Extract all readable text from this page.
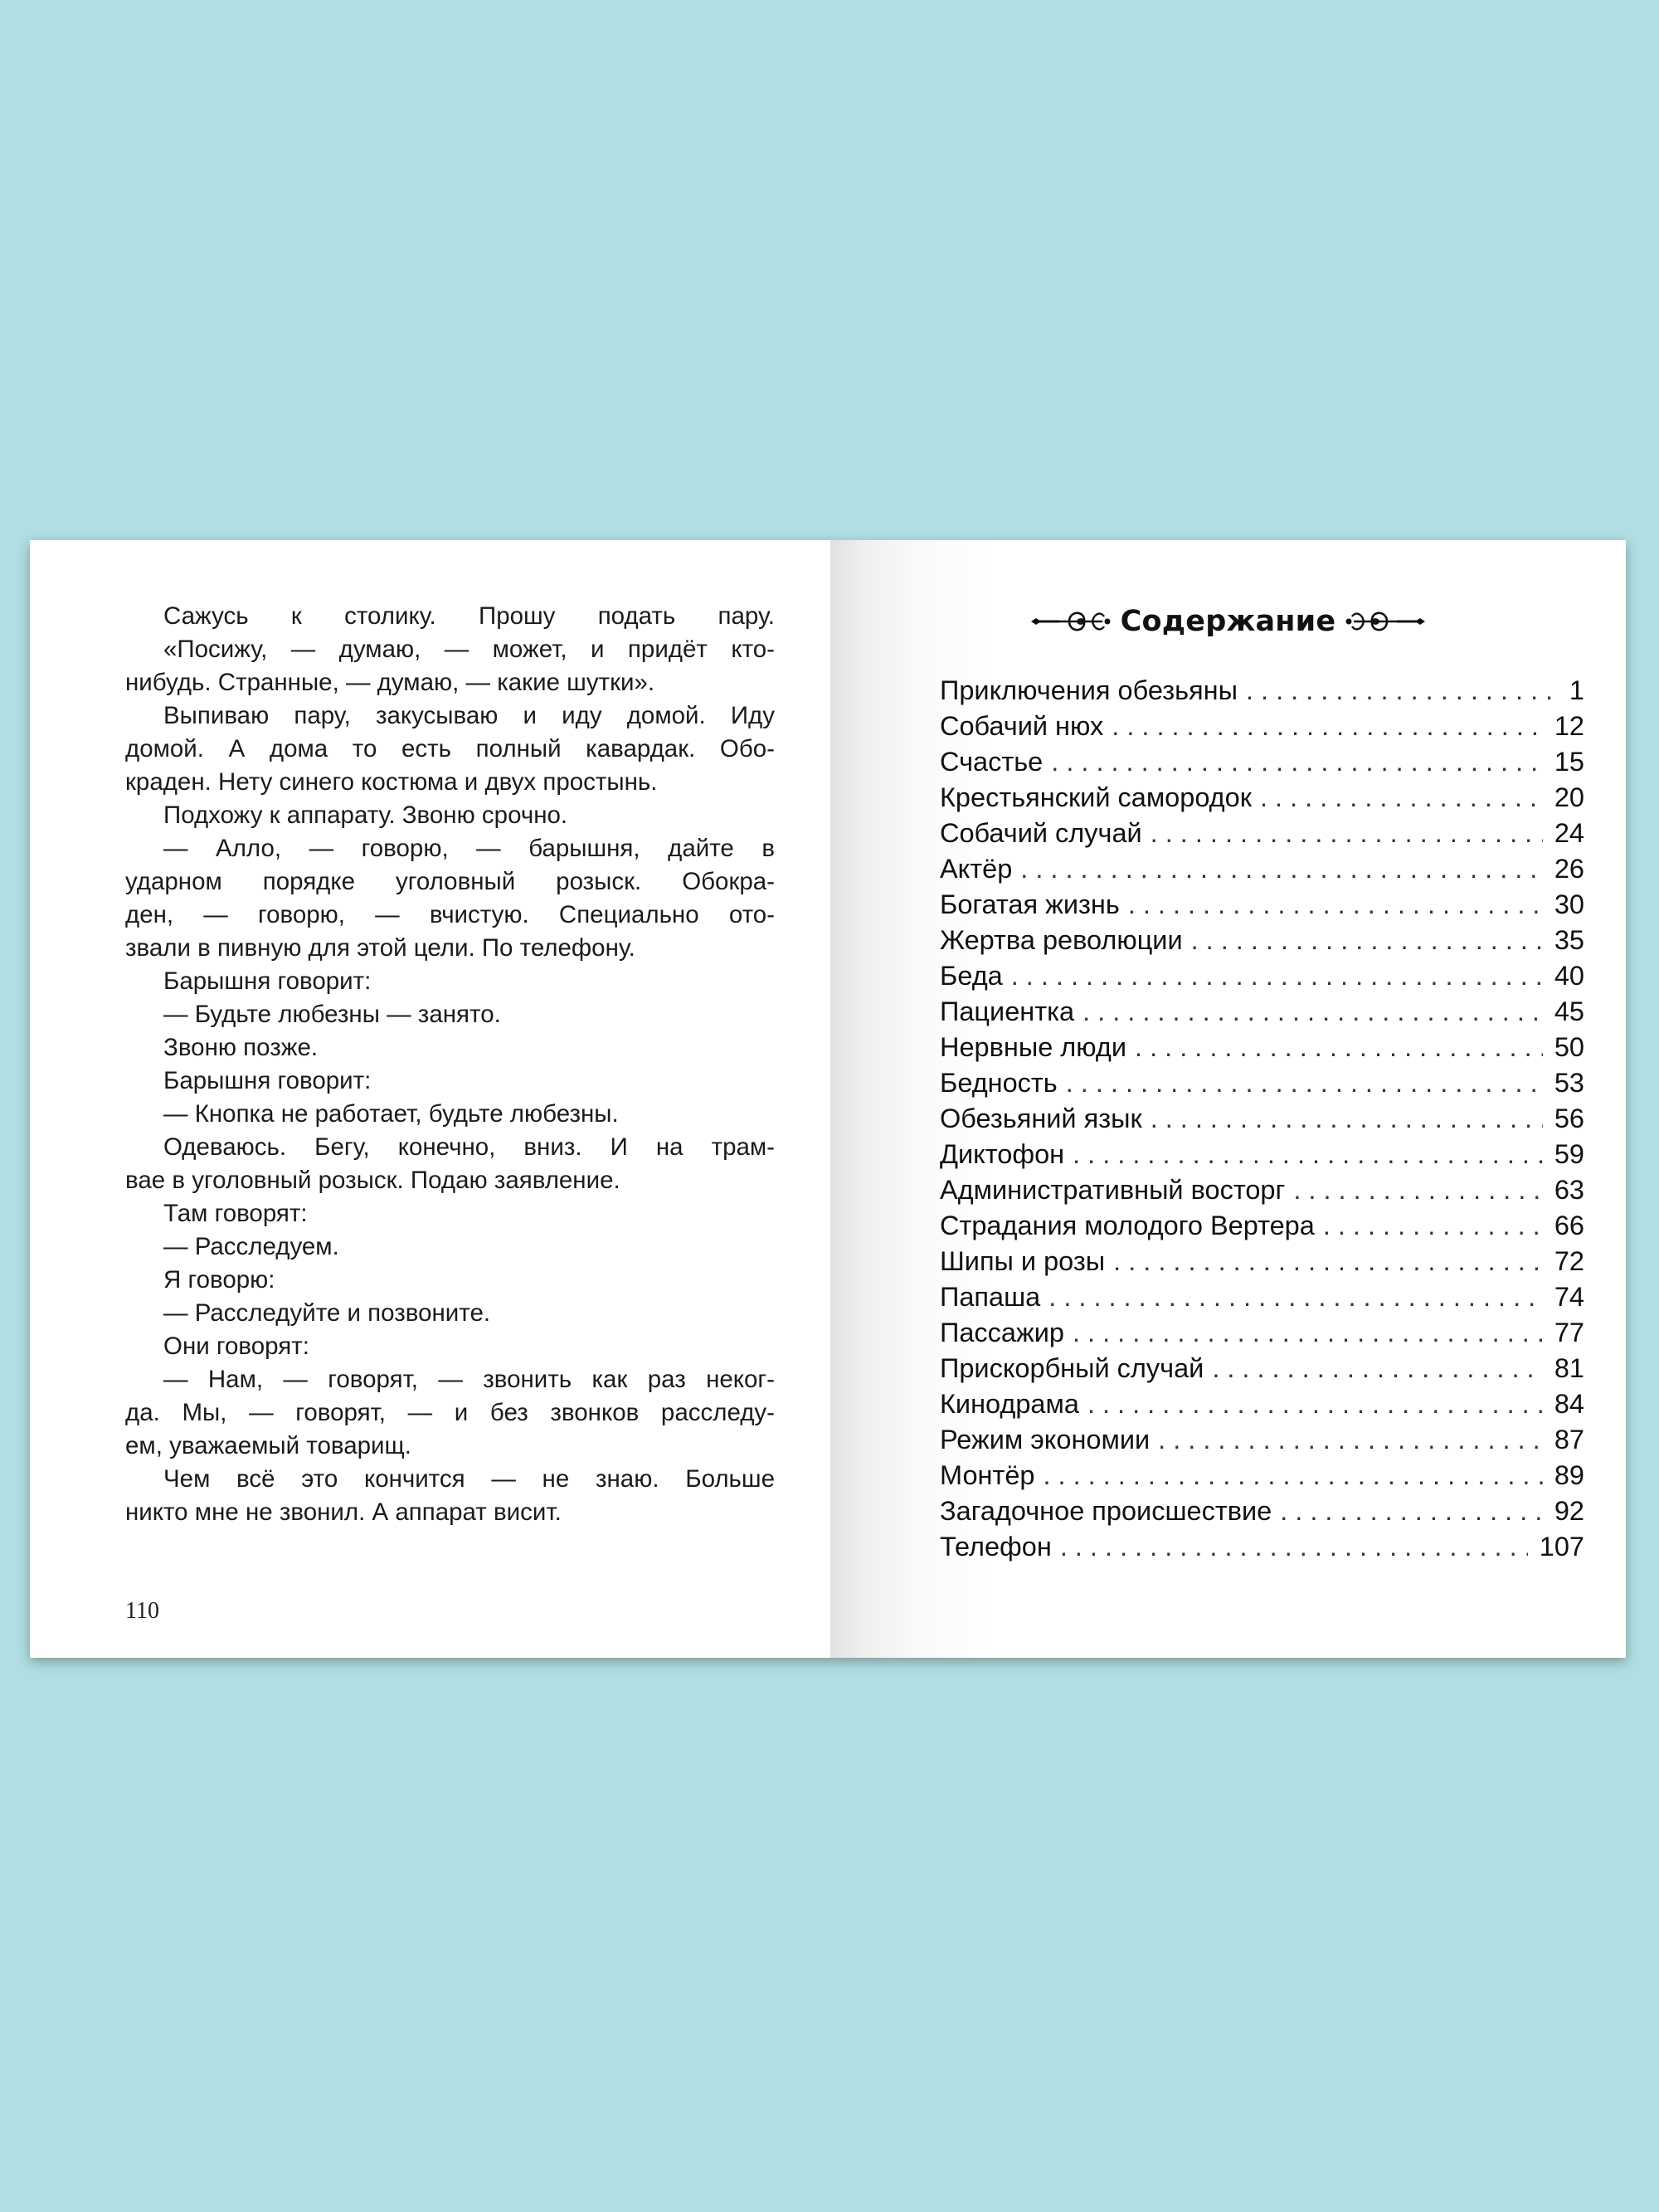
Сажусь к столику. Прошу подать пару.
«Посижу, — думаю, — может, и придёт кто-
нибудь. Странные, — думаю, — какие шутки».
Выпиваю пару, закусываю и иду домой. Иду
домой. А дома то есть полный кавардак. Обо-
краден. Нету синего костюма и двух простынь.
Подхожу к аппарату. Звоню срочно.
— Алло, — говорю, — барышня, дайте в
ударном порядке уголовный розыск. Обокра-
ден, — говорю, — вчистую. Специально ото-
звали в пивную для этой цели. По телефону.
Барышня говорит:
— Будьте любезны — занято.
Звоню позже.
Барышня говорит:
— Кнопка не работает, будьте любезны.
Одеваюсь. Бегу, конечно, вниз. И на трам-
вае в уголовный розыск. Подаю заявление.
Там говорят:
— Расследуем.
Я говорю:
— Расследуйте и позвоните.
Они говорят:
— Нам, — говорят, — звонить как раз неког-
да. Мы, — говорят, — и без звонков расследу-
ем, уважаемый товарищ.
Чем всё это кончится — не знаю. Больше
никто мне не звонил. А аппарат висит.
110
Содержание
Приключения обезьяны . . .	1
Собачий нюх . . .	12
Счастье . . .	15
Крестьянский самородок . . .	20
Собачий случай . . .	24
Актёр . . .	26
Богатая жизнь . . .	30
Жертва революции . . .	35
Беда . . .	40
Пациентка . . .	45
Нервные люди . . .	50
Бедность . . .	53
Обезьяний язык . . .	56
Диктофон . . .	59
Административный восторг . . .	63
Страдания молодого Вертера . . .	66
Шипы и розы . . .	72
Папаша . . .	74
Пассажир . . .	77
Прискорбный случай . . .	81
Кинодрама . . .	84
Режим экономии . . .	87
Монтёр . . .	89
Загадочное происшествие . . .	92
Телефон . . .	107
